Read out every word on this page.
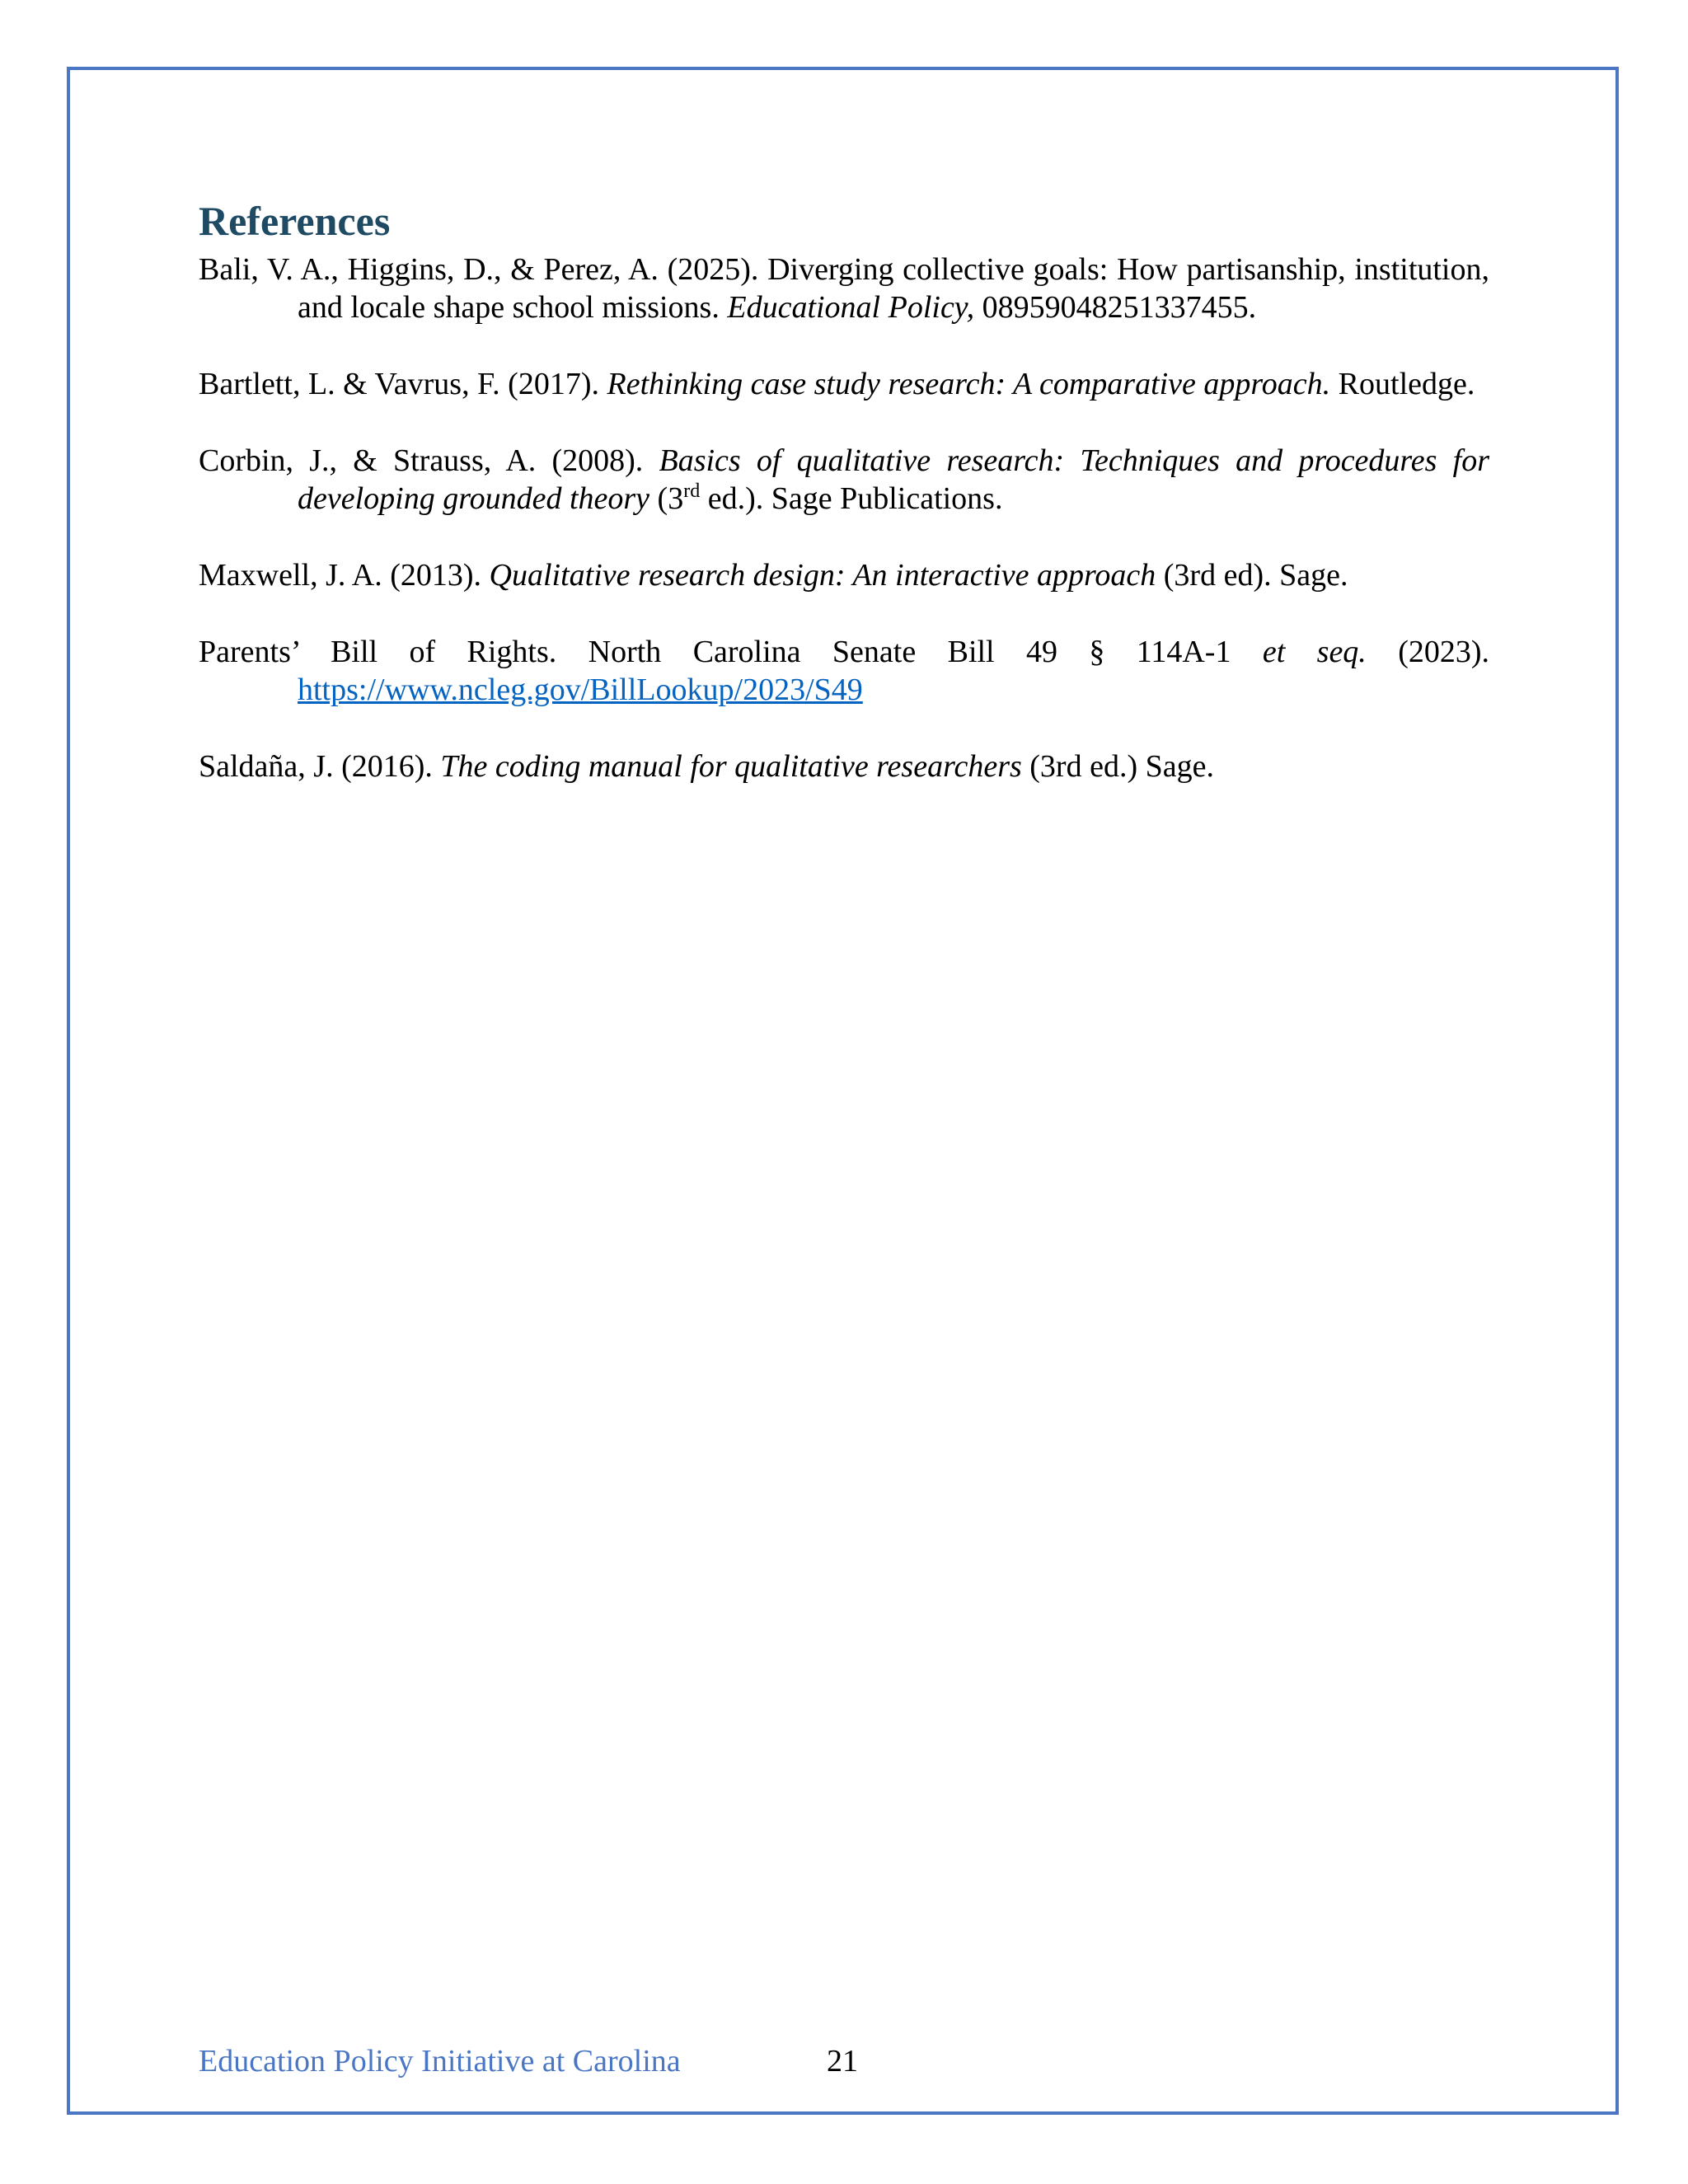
References
Bali, V. A., Higgins, D., & Perez, A. (2025). Diverging collective goals: How partisanship, institution, and locale shape school missions. Educational Policy, 08959048251337455.
Bartlett, L. & Vavrus, F. (2017). Rethinking case study research: A comparative approach. Routledge.
Corbin, J., & Strauss, A. (2008). Basics of qualitative research: Techniques and procedures for developing grounded theory (3rd ed.). Sage Publications.
Maxwell, J. A. (2013). Qualitative research design: An interactive approach (3rd ed). Sage.
Parents’ Bill of Rights. North Carolina Senate Bill 49 § 114A-1 et seq. (2023). https://www.ncleg.gov/BillLookup/2023/S49
Saldaña, J. (2016). The coding manual for qualitative researchers (3rd ed.) Sage.
Education Policy Initiative at Carolina	21
